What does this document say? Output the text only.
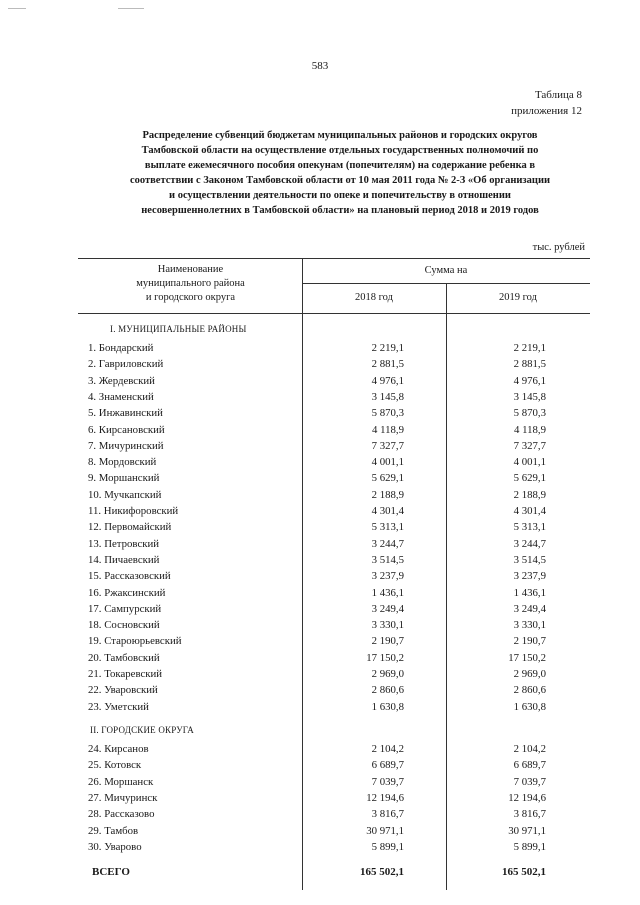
583
Таблица 8
приложения 12
Распределение субвенций бюджетам муниципальных районов и городских округов
Тамбовской области на осуществление отдельных государственных полномочий по
выплате ежемесячного пособия опекунам (попечителям) на содержание ребенка в
соответствии с Законом Тамбовской области от 10 мая 2011 года № 2-З «Об организации
и осуществлении деятельности по опеке и попечительству в отношении
несовершеннолетних в Тамбовской области» на плановый период 2018 и 2019 годов
тыс. рублей
Наименование
муниципального района
и городского округа
Сумма на
2018 год	2019 год
I. МУНИЦИПАЛЬНЫЕ РАЙОНЫ
1. Бондарский	2 219,1	2 219,1
2. Гавриловский	2 881,5	2 881,5
3. Жердевский	4 976,1	4 976,1
4. Знаменский	3 145,8	3 145,8
5. Инжавинский	5 870,3	5 870,3
6. Кирсановский	4 118,9	4 118,9
7. Мичуринский	7 327,7	7 327,7
8. Мордовский	4 001,1	4 001,1
9. Моршанский	5 629,1	5 629,1
10. Мучкапский	2 188,9	2 188,9
11. Никифоровский	4 301,4	4 301,4
12. Первомайский	5 313,1	5 313,1
13. Петровский	3 244,7	3 244,7
14. Пичаевский	3 514,5	3 514,5
15. Рассказовский	3 237,9	3 237,9
16. Ржаксинский	1 436,1	1 436,1
17. Сампурский	3 249,4	3 249,4
18. Сосновский	3 330,1	3 330,1
19. Староюрьевский	2 190,7	2 190,7
20. Тамбовский	17 150,2	17 150,2
21. Токаревский	2 969,0	2 969,0
22. Уваровский	2 860,6	2 860,6
23. Уметский	1 630,8	1 630,8
II. ГОРОДСКИЕ ОКРУГА
24. Кирсанов	2 104,2	2 104,2
25. Котовск	6 689,7	6 689,7
26. Моршанск	7 039,7	7 039,7
27. Мичуринск	12 194,6	12 194,6
28. Рассказово	3 816,7	3 816,7
29. Тамбов	30 971,1	30 971,1
30. Уварово	5 899,1	5 899,1
ВСЕГО	165 502,1	165 502,1
